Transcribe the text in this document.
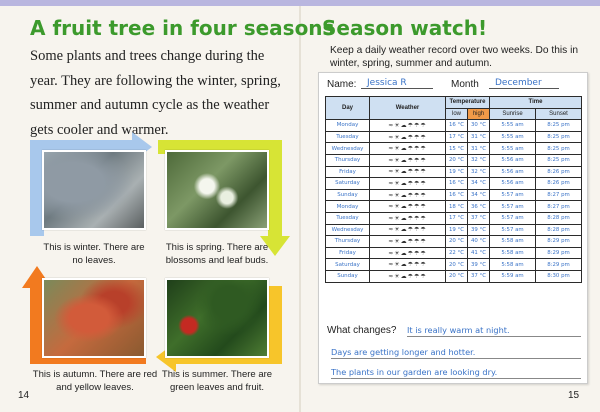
A fruit tree in four seasons

Some plants and trees change during the year. They are following the winter, spring, summer and autumn cycle as the weather gets cooler and warmer.

This is winter. There are no leaves.

This is spring. There are blossoms and leaf buds.

This is autumn. There are red and yellow leaves.

This is summer. There are green leaves and fruit.

14
Season watch!

Keep a daily weather record over two weeks. Do this in winter, spring, summer and autumn.

Name:	Jessica R	Month	December
Day	Weather	Temperature		Time	
		low	high	Sunrise	Sunset
Monday	≈☀☁☂☂☂	16 °C	30 °C	5:55 am	8:25 pm
Tuesday	≈☀☁☂☂☂	17 °C	31 °C	5:55 am	8:25 pm
Wednesday	≈☀☁☂☂☂	15 °C	31 °C	5:55 am	8:25 pm
Thursday	≈☀☁☂☂☂	20 °C	32 °C	5:56 am	8:25 pm
Friday	≈☀☁☂☂☂	19 °C	32 °C	5:56 am	8:26 pm
Saturday	≈☀☁☂☂☂	16 °C	34 °C	5:56 am	8:26 pm
Sunday	≈☀☁☂☂☂	16 °C	34 °C	5:57 am	8:27 pm
Monday	≈☀☁☂☂☂	18 °C	36 °C	5:57 am	8:27 pm
Tuesday	≈☀☁☂☂☂	17 °C	37 °C	5:57 am	8:28 pm
Wednesday	≈☀☁☂☂☂	19 °C	39 °C	5:57 am	8:28 pm
Thursday	≈☀☁☂☂☂	20 °C	40 °C	5:58 am	8:29 pm
Friday	≈☀☁☂☂☂	22 °C	41 °C	5:58 am	8:29 pm
Saturday	≈☀☁☂☂☂	20 °C	39 °C	5:58 am	8:29 pm
Sunday	≈☀☁☂☂☂	20 °C	37 °C	5:59 am	8:30 pm
What changes? It is really warm at night.
Days are getting longer and hotter.
The plants in our garden are looking dry.
15
